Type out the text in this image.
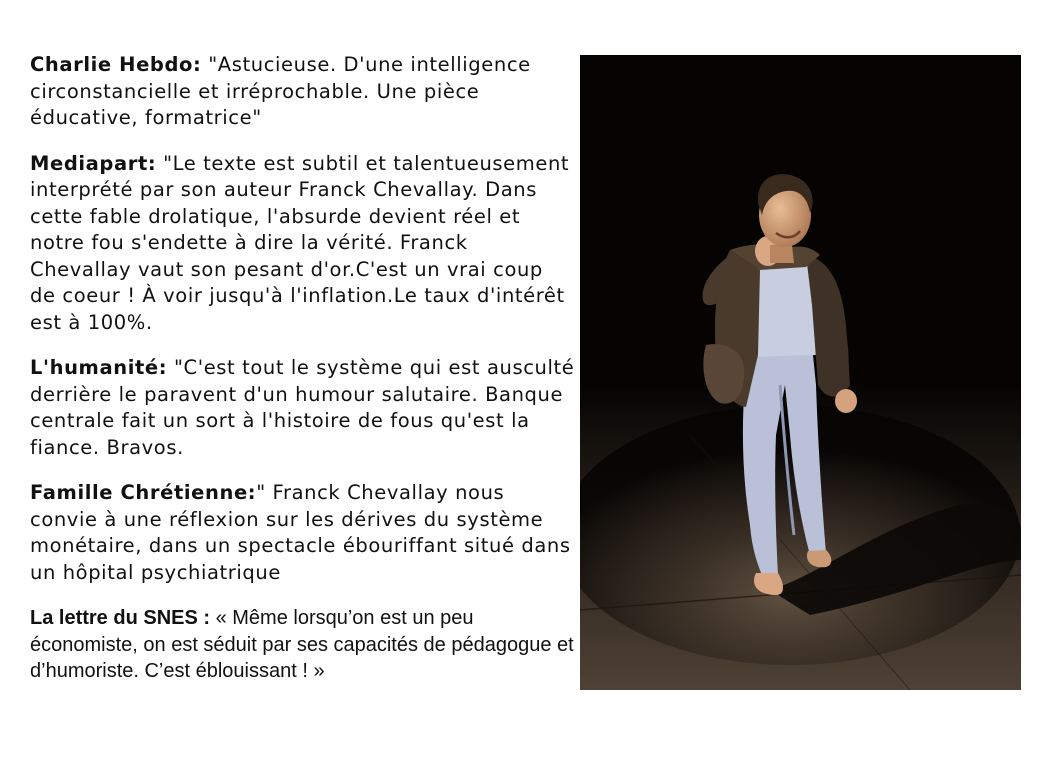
Charlie Hebdo: "Astucieuse. D'une intelligence circonstancielle et irréprochable. Une pièce éducative, formatrice"

Mediapart: "Le texte est subtil et talentueusement interprété par son auteur Franck Chevallay. Dans cette fable drolatique, l'absurde devient réel et notre fou s'endette à dire la vérité. Franck Chevallay vaut son pesant d'or.C'est un vrai coup de coeur ! À voir jusqu'à l'inflation.Le taux d'intérêt est à 100%.

L'humanité: "C'est tout le système qui est ausculté derrière le paravent d'un humour salutaire. Banque centrale fait un sort à l'histoire de fous qu'est la fiance. Bravos.

Famille Chrétienne:" Franck Chevallay nous convie à une réflexion sur les dérives du système monétaire, dans un spectacle ébouriffant situé dans un hôpital psychiatrique

La lettre du SNES : « Même lorsqu’on est un peu économiste, on est séduit par ses capacités de pédagogue et d’humoriste. C’est éblouissant ! »
